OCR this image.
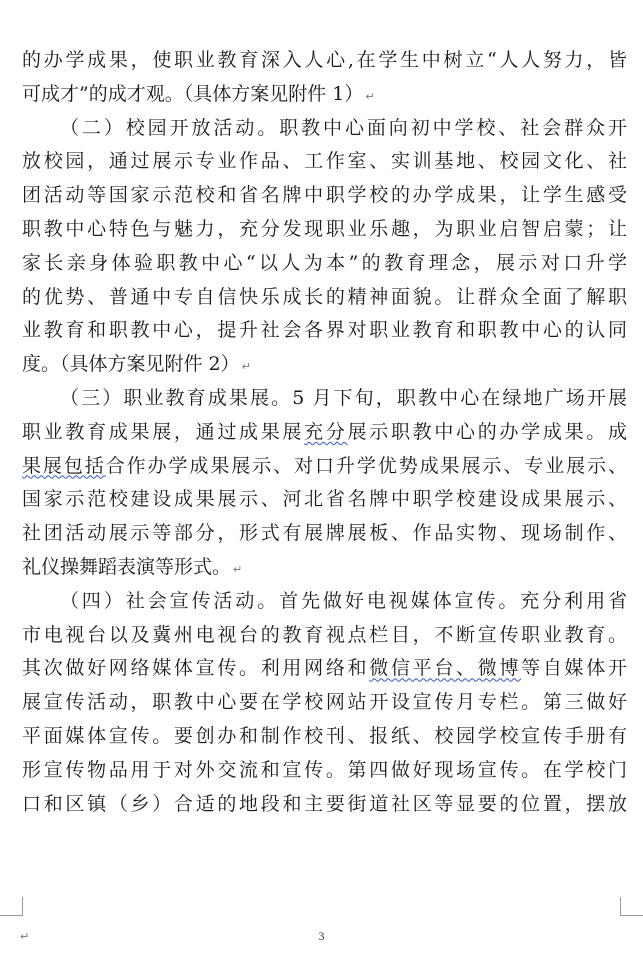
的办学成果，使职业教育深入人心,在学生中树立“人人努力，皆
可成才”的成才观。（具体方案见附件 1） ↵
（二）校园开放活动。职教中心面向初中学校、社会群众开
放校园，通过展示专业作品、工作室、实训基地、校园文化、社
团活动等国家示范校和省名牌中职学校的办学成果，让学生感受
职教中心特色与魅力，充分发现职业乐趣，为职业启智启蒙；让
家长亲身体验职教中心“以人为本”的教育理念，展示对口升学
的优势、普通中专自信快乐成长的精神面貌。让群众全面了解职
业教育和职教中心，提升社会各界对职业教育和职教中心的认同
度。（具体方案见附件 2） ↵
（三）职业教育成果展。5 月下旬，职教中心在绿地广场开展
职业教育成果展，通过成果展充分展示职教中心的办学成果。成
果展包括合作办学成果展示、对口升学优势成果展示、专业展示、
国家示范校建设成果展示、河北省名牌中职学校建设成果展示、
社团活动展示等部分，形式有展牌展板、作品实物、现场制作、
礼仪操舞蹈表演等形式。 ↵
（四）社会宣传活动。首先做好电视媒体宣传。充分利用省
市电视台以及冀州电视台的教育视点栏目，不断宣传职业教育。
其次做好网络媒体宣传。利用网络和微信平台、微博等自媒体开
展宣传活动，职教中心要在学校网站开设宣传月专栏。第三做好
平面媒体宣传。要创办和制作校刊、报纸、校园学校宣传手册有
形宣传物品用于对外交流和宣传。第四做好现场宣传。在学校门
口和区镇（乡）合适的地段和主要街道社区等显要的位置，摆放
↵	3
